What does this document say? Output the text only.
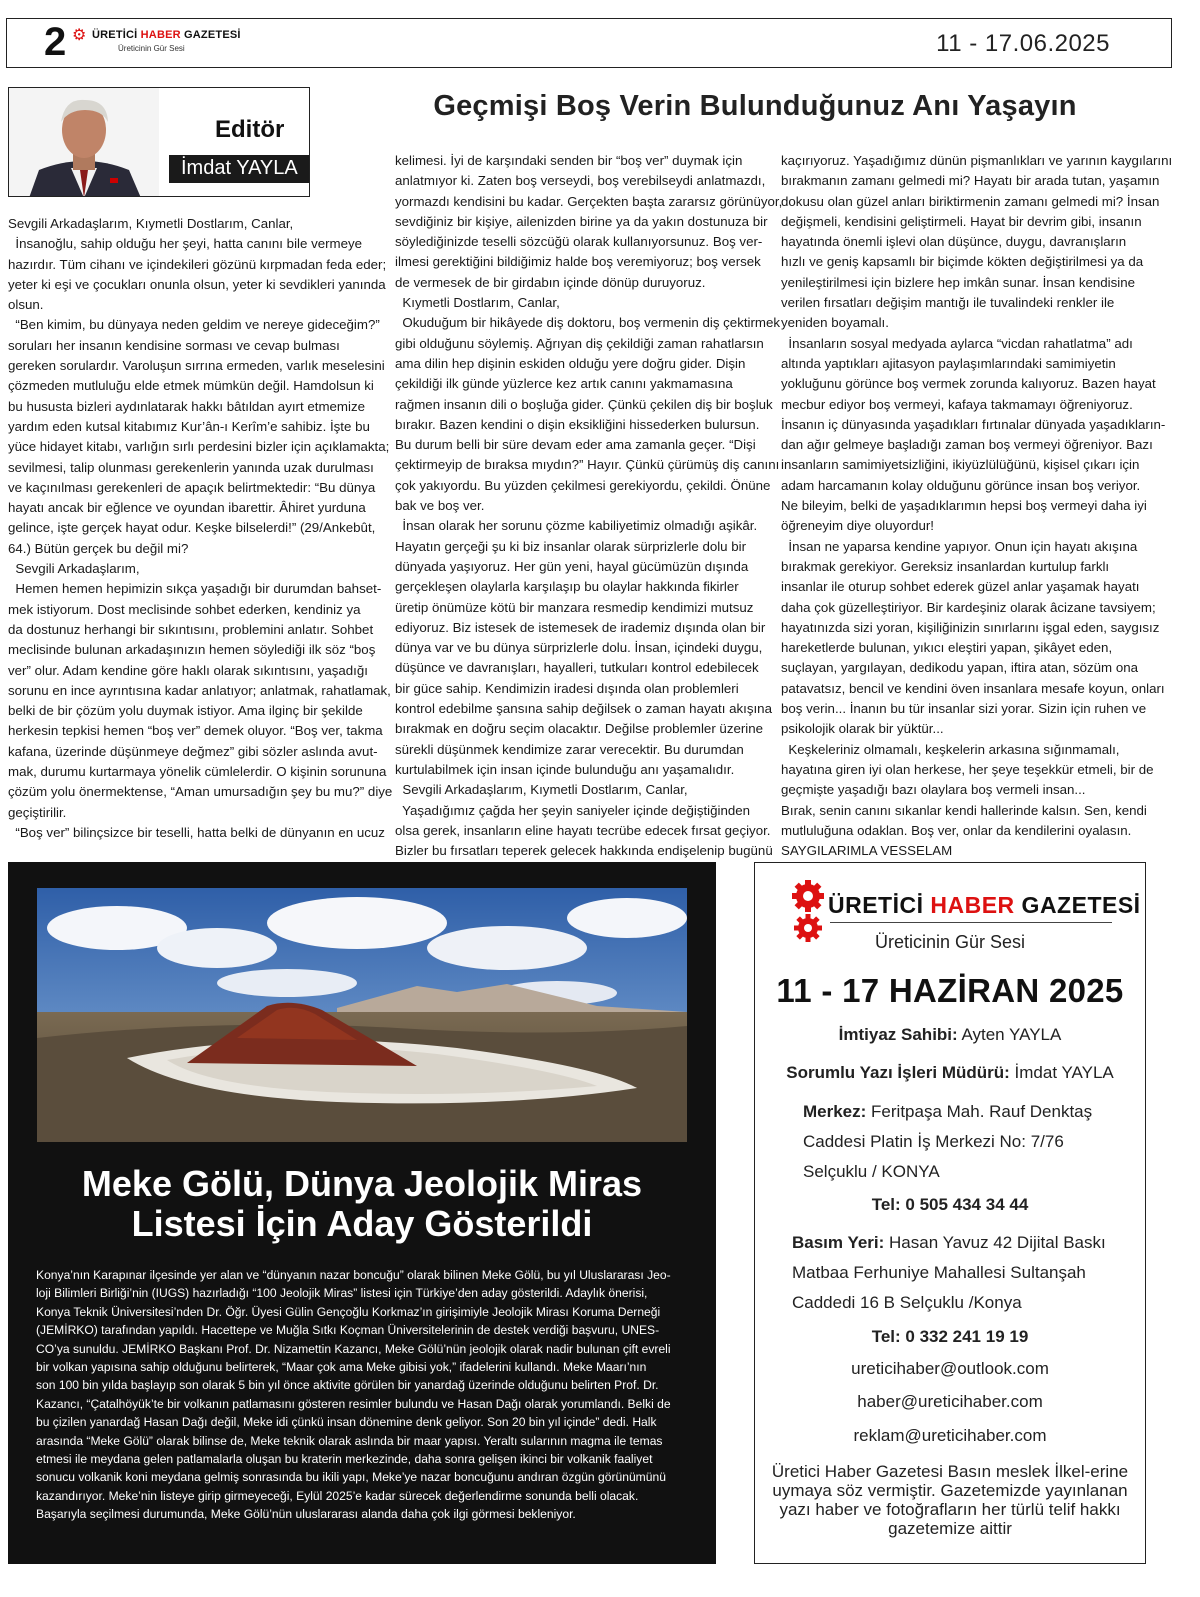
2 ⚙ ÜRETİCİ HABER GAZETESİ
Üreticinin Gür Sesi	11 - 17.06.2025
Editör
İmdat YAYLA
Geçmişi Boş Verin Bulunduğunuz Anı Yaşayın

Sevgili Arkadaşlarım, Kıymetli Dostlarım, Canlar,

İnsanoğlu, sahip olduğu her şeyi, hatta canını bile vermeye

hazırdır. Tüm cihanı ve içindekileri gözünü kırpmadan feda eder;

yeter ki eşi ve çocukları onunla olsun, yeter ki sevdikleri yanında

olsun.

“Ben kimim, bu dünyaya neden geldim ve nereye gideceğim?”

soruları her insanın kendisine sorması ve cevap bulması

gereken sorulardır. Varoluşun sırrına ermeden, varlık meselesini

çözmeden mutluluğu elde etmek mümkün değil. Hamdolsun ki

bu hususta bizleri aydınlatarak hakkı bâtıldan ayırt etmemize

yardım eden kutsal kitabımız Kur’ân-ı Kerîm’e sahibiz. İşte bu

yüce hidayet kitabı, varlığın sırlı perdesini bizler için açıklamakta;

sevilmesi, talip olunması gerekenlerin yanında uzak durulması

ve kaçınılması gerekenleri de apaçık belirtmektedir: “Bu dünya

hayatı ancak bir eğlence ve oyundan ibarettir. Âhiret yurduna

gelince, işte gerçek hayat odur. Keşke bilselerdi!” (29/Ankebût,

64.) Bütün gerçek bu değil mi?

Sevgili Arkadaşlarım,

Hemen hemen hepimizin sıkça yaşadığı bir durumdan bahset-

mek istiyorum. Dost meclisinde sohbet ederken, kendiniz ya

da dostunuz herhangi bir sıkıntısını, problemini anlatır. Sohbet

meclisinde bulunan arkadaşınızın hemen söylediği ilk söz “boş

ver” olur. Adam kendine göre haklı olarak sıkıntısını, yaşadığı

sorunu en ince ayrıntısına kadar anlatıyor; anlatmak, rahatlamak,

belki de bir çözüm yolu duymak istiyor. Ama ilginç bir şekilde

herkesin tepkisi hemen “boş ver” demek oluyor. “Boş ver, takma

kafana, üzerinde düşünmeye değmez” gibi sözler aslında avut-

mak, durumu kurtarmaya yönelik cümlelerdir. O kişinin sorununa

çözüm yolu önermektense, “Aman umursadığın şey bu mu?” diye

geçiştirilir.

“Boş ver” bilinçsizce bir teselli, hatta belki de dünyanın en ucuz

kelimesi. İyi de karşındaki senden bir “boş ver” duymak için

anlatmıyor ki. Zaten boş verseydi, boş verebilseydi anlatmazdı,

yormazdı kendisini bu kadar. Gerçekten başta zararsız görünüyor,

sevdiğiniz bir kişiye, ailenizden birine ya da yakın dostunuza bir

söylediğinizde teselli sözcüğü olarak kullanıyorsunuz. Boş ver-

ilmesi gerektiğini bildiğimiz halde boş veremiyoruz; boş versek

de vermesek de bir girdabın içinde dönüp duruyoruz.

Kıymetli Dostlarım, Canlar,

Okuduğum bir hikâyede diş doktoru, boş vermenin diş çektirmek

gibi olduğunu söylemiş. Ağrıyan diş çekildiği zaman rahatlarsın

ama dilin hep dişinin eskiden olduğu yere doğru gider. Dişin

çekildiği ilk günde yüzlerce kez artık canını yakmamasına

rağmen insanın dili o boşluğa gider. Çünkü çekilen diş bir boşluk

bırakır. Bazen kendini o dişin eksikliğini hissederken bulursun.

Bu durum belli bir süre devam eder ama zamanla geçer. “Dişi

çektirmeyip de bıraksa mıydın?” Hayır. Çünkü çürümüş diş canını

çok yakıyordu. Bu yüzden çekilmesi gerekiyordu, çekildi. Önüne

bak ve boş ver.

İnsan olarak her sorunu çözme kabiliyetimiz olmadığı aşikâr.

Hayatın gerçeği şu ki biz insanlar olarak sürprizlerle dolu bir

dünyada yaşıyoruz. Her gün yeni, hayal gücümüzün dışında

gerçekleşen olaylarla karşılaşıp bu olaylar hakkında fikirler

üretip önümüze kötü bir manzara resmedip kendimizi mutsuz

ediyoruz. Biz istesek de istemesek de irademiz dışında olan bir

dünya var ve bu dünya sürprizlerle dolu. İnsan, içindeki duygu,

düşünce ve davranışları, hayalleri, tutkuları kontrol edebilecek

bir güce sahip. Kendimizin iradesi dışında olan problemleri

kontrol edebilme şansına sahip değilsek o zaman hayatı akışına

bırakmak en doğru seçim olacaktır. Değilse problemler üzerine

sürekli düşünmek kendimize zarar verecektir. Bu durumdan

kurtulabilmek için insan içinde bulunduğu anı yaşamalıdır.

Sevgili Arkadaşlarım, Kıymetli Dostlarım, Canlar,

Yaşadığımız çağda her şeyin saniyeler içinde değiştiğinden

olsa gerek, insanların eline hayatı tecrübe edecek fırsat geçiyor.

Bizler bu fırsatları teperek gelecek hakkında endişelenip bugünü

kaçırıyoruz. Yaşadığımız dünün pişmanlıkları ve yarının kaygılarını

bırakmanın zamanı gelmedi mi? Hayatı bir arada tutan, yaşamın

dokusu olan güzel anları biriktirmenin zamanı gelmedi mi? İnsan

değişmeli, kendisini geliştirmeli. Hayat bir devrim gibi, insanın

hayatında önemli işlevi olan düşünce, duygu, davranışların

hızlı ve geniş kapsamlı bir biçimde kökten değiştirilmesi ya da

yenileştirilmesi için bizlere hep imkân sunar. İnsan kendisine

verilen fırsatları değişim mantığı ile tuvalindeki renkler ile

yeniden boyamalı.

İnsanların sosyal medyada aylarca “vicdan rahatlatma” adı

altında yaptıkları ajitasyon paylaşımlarındaki samimiyetin

yokluğunu görünce boş vermek zorunda kalıyoruz. Bazen hayat

mecbur ediyor boş vermeyi, kafaya takmamayı öğreniyoruz.

İnsanın iç dünyasında yaşadıkları fırtınalar dünyada yaşadıkların-

dan ağır gelmeye başladığı zaman boş vermeyi öğreniyor. Bazı

insanların samimiyetsizliğini, ikiyüzlülüğünü, kişisel çıkarı için

adam harcamanın kolay olduğunu görünce insan boş veriyor.

Ne bileyim, belki de yaşadıklarımın hepsi boş vermeyi daha iyi

öğreneyim diye oluyordur!

İnsan ne yaparsa kendine yapıyor. Onun için hayatı akışına

bırakmak gerekiyor. Gereksiz insanlardan kurtulup farklı

insanlar ile oturup sohbet ederek güzel anlar yaşamak hayatı

daha çok güzelleştiriyor. Bir kardeşiniz olarak âcizane tavsiyem;

hayatınızda sizi yoran, kişiliğinizin sınırlarını işgal eden, saygısız

hareketlerde bulunan, yıkıcı eleştiri yapan, şikâyet eden,

suçlayan, yargılayan, dedikodu yapan, iftira atan, sözüm ona

patavatsız, bencil ve kendini öven insanlara mesafe koyun, onları

boş verin... İnanın bu tür insanlar sizi yorar. Sizin için ruhen ve

psikolojik olarak bir yüktür...

Keşkeleriniz olmamalı, keşkelerin arkasına sığınmamalı,

hayatına giren iyi olan herkese, her şeye teşekkür etmeli, bir de

geçmişte yaşadığı bazı olaylara boş vermeli insan...

Bırak, senin canını sıkanlar kendi hallerinde kalsın. Sen, kendi

mutluluğuna odaklan. Boş ver, onlar da kendilerini oyalasın.

SAYGILARIMLA VESSELAM

Meke Gölü, Dünya Jeolojik Miras
Listesi İçin Aday Gösterildi

Konya’nın Karapınar ilçesinde yer alan ve “dünyanın nazar boncuğu” olarak bilinen Meke Gölü, bu yıl Uluslararası Jeo-

loji Bilimleri Birliği’nin (IUGS) hazırladığı “100 Jeolojik Miras” listesi için Türkiye’den aday gösterildi. Adaylık önerisi,

Konya Teknik Üniversitesi’nden Dr. Öğr. Üyesi Gülin Gençoğlu Korkmaz’ın girişimiyle Jeolojik Mirası Koruma Derneği

(JEMİRKO) tarafından yapıldı. Hacettepe ve Muğla Sıtkı Koçman Üniversitelerinin de destek verdiği başvuru, UNES-

CO’ya sunuldu. JEMİRKO Başkanı Prof. Dr. Nizamettin Kazancı, Meke Gölü’nün jeolojik olarak nadir bulunan çift evreli

bir volkan yapısına sahip olduğunu belirterek, “Maar çok ama Meke gibisi yok,” ifadelerini kullandı. Meke Maarı’nın

son 100 bin yılda başlayıp son olarak 5 bin yıl önce aktivite görülen bir yanardağ üzerinde olduğunu belirten Prof. Dr.

Kazancı, “Çatalhöyük’te bir volkanın patlamasını gösteren resimler bulundu ve Hasan Dağı olarak yorumlandı. Belki de

bu çizilen yanardağ Hasan Dağı değil, Meke idi çünkü insan dönemine denk geliyor. Son 20 bin yıl içinde” dedi. Halk

arasında “Meke Gölü” olarak bilinse de, Meke teknik olarak aslında bir maar yapısı. Yeraltı sularının magma ile temas

etmesi ile meydana gelen patlamalarla oluşan bu kraterin merkezinde, daha sonra gelişen ikinci bir volkanik faaliyet

sonucu volkanik koni meydana gelmiş sonrasında bu ikili yapı, Meke’ye nazar boncuğunu andıran özgün görünümünü

kazandırıyor. Meke’nin listeye girip girmeyeceği, Eylül 2025’e kadar sürecek değerlendirme sonunda belli olacak.

Başarıyla seçilmesi durumunda, Meke Gölü’nün uluslararası alanda daha çok ilgi görmesi bekleniyor.

ÜRETİCİ HABER GAZETESİ
Üreticinin Gür Sesi
11 - 17 HAZİRAN 2025
İmtiyaz Sahibi: Ayten YAYLA
Sorumlu Yazı İşleri Müdürü: İmdat YAYLA
Merkez: Feritpaşa Mah. Rauf Denktaş
Caddesi Platin İş Merkezi No: 7/76
Selçuklu / KONYA
Tel: 0 505 434 34 44
Basım Yeri: Hasan Yavuz 42 Dijital Baskı
Matbaa Ferhuniye Mahallesi Sultanşah
Caddedi 16 B Selçuklu /Konya
Tel: 0 332 241 19 19
ureticihaber@outlook.com
haber@ureticihaber.com
reklam@ureticihaber.com
Üretici Haber Gazetesi Basın meslek İlkel-erine uymaya söz vermiştir. Gazetemizde yayınlanan yazı haber ve fotoğrafların her türlü telif hakkı gazetemize aittir
